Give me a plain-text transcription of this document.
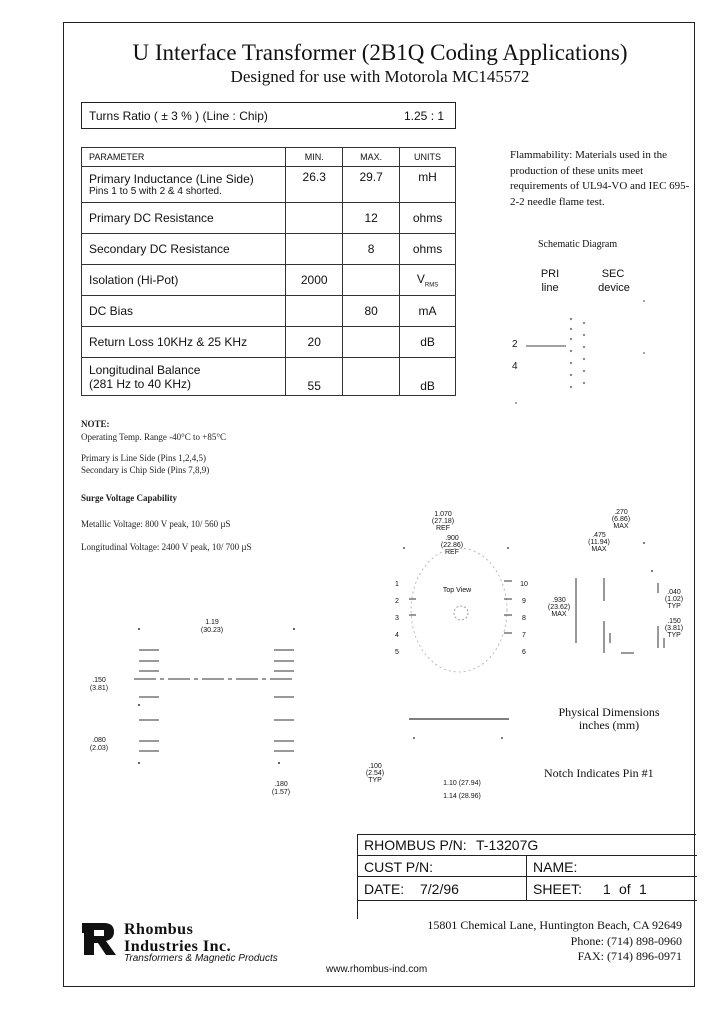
U Interface Transformer (2B1Q Coding Applications)
Designed for use with Motorola MC145572
Turns Ratio ( ± 3 % ) (Line : Chip)	1.25 : 1
PARAMETER	MIN.	MAX.	UNITS

Primary Inductance (Line Side)
Pins 1 to 5 with 2 & 4 shorted.	26.3	29.7	mH
Primary DC Resistance		12	ohms
Secondary DC Resistance		8	ohms
Isolation (Hi-Pot)	2000		$V_{RMS}$
DC Bias		80	mA
Return Loss 10KHz & 25 KHz	20		dB

Longitudinal Balance
(281 Hz to 40 KHz)	55		dB
NOTE:
Operating Temp. Range -40°C to +85°C
Primary is Line Side (Pins 1,2,4,5)
Secondary is Chip Side (Pins 7,8,9)
Surge Voltage Capability
Metallic Voltage: 800 V peak, 10/ 560 µS
Longitudinal Voltage: 2400 V peak, 10/ 700 µS
Flammability: Materials used in the production of these units meet requirements of UL94-VO and IEC 695-2-2 needle flame test.
Schematic Diagram
PRI
line
SEC
device
2
4
1.19
(30.23)
.150
(3.81)
.080
(2.03)
.180
(1.57)
1.070
(27.18)
REF
.900
(22.86)
REF
Top View
1
2
3
4
5
10
9
8
7
6
.100
(2.54)
TYP	1.10 (27.94)
1.14 (28.96)
.270
(6.86)
MAX
.475
(11.94)
MAX
.930
(23.62)
MAX
.040
(1.02)
TYP
.150
(3.81)
TYP
Physical Dimensions
inches (mm)
Notch Indicates Pin #1
RHOMBUS P/N: T-13207G
CUST P/N:	NAME:
DATE: 7/2/96	SHEET: 1 of 1
Rhombus
Industries Inc.
Transformers & Magnetic Products
www.rhombus-ind.com
15801 Chemical Lane, Huntington Beach, CA 92649
Phone: (714) 898-0960
FAX: (714) 896-0971
